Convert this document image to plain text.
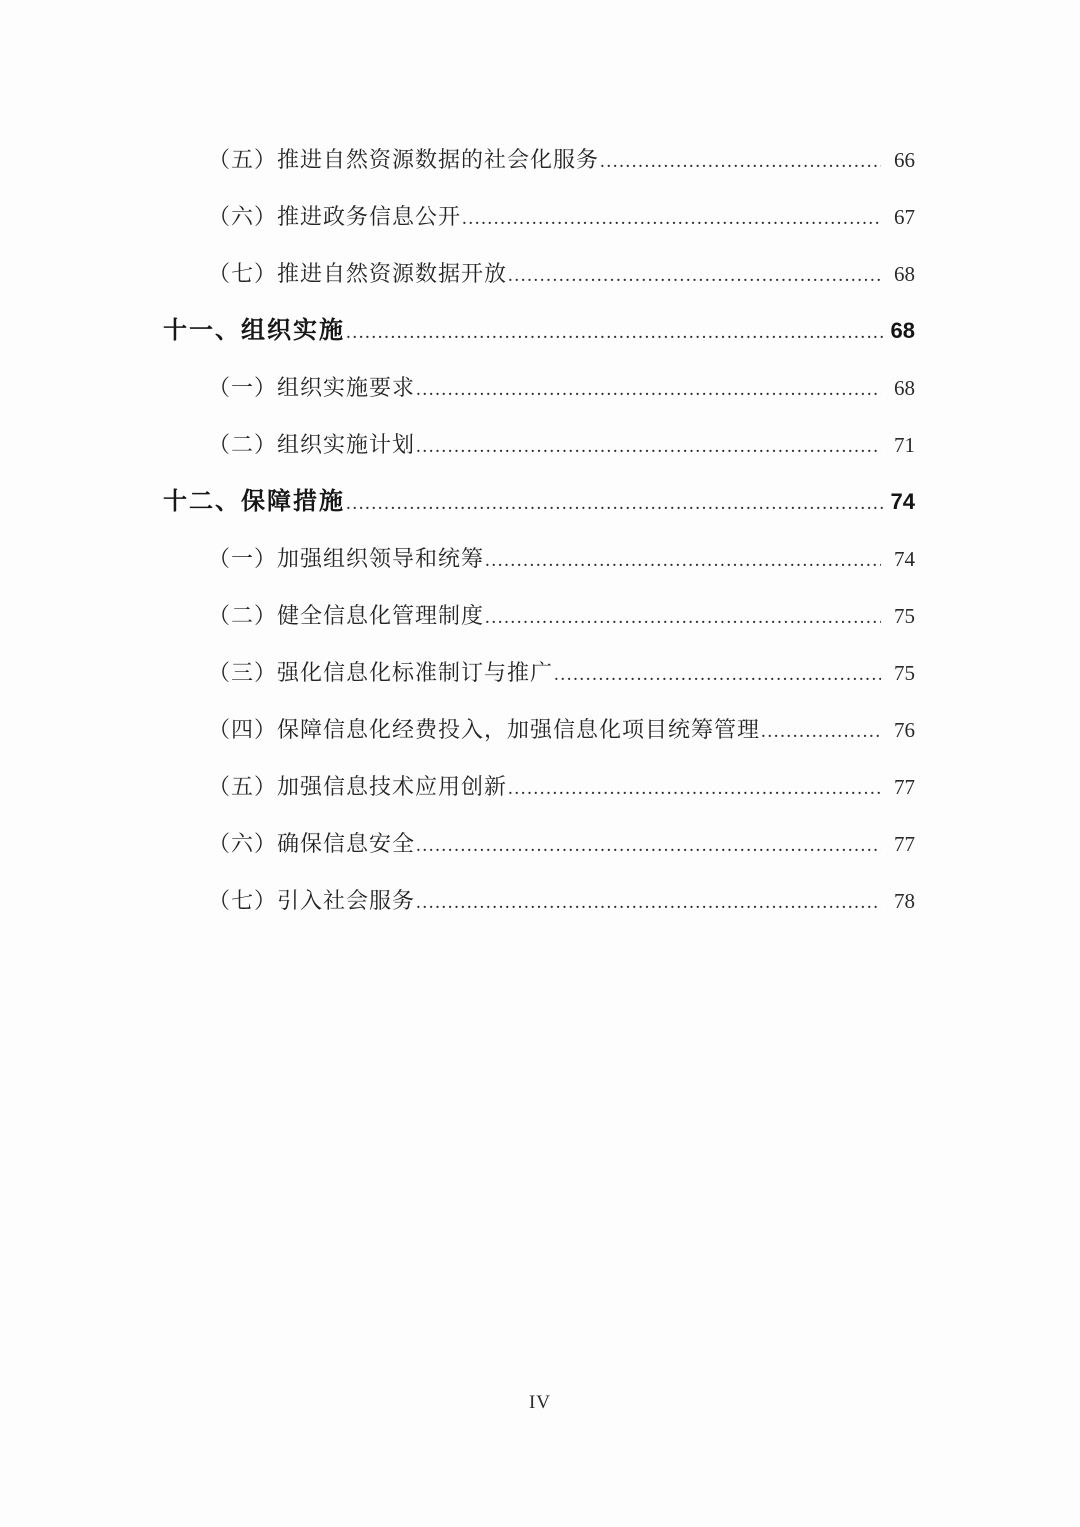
（五）推进自然资源数据的社会化服务 .....	66
（六）推进政务信息公开 .....	67
（七）推进自然资源数据开放 .....	68
十一、组织实施 .....	68
（一）组织实施要求 .....	68
（二）组织实施计划 .....	71
十二、保障措施 .....	74
（一）加强组织领导和统筹 .....	74
（二）健全信息化管理制度 .....	75
（三）强化信息化标准制订与推广 .....	75
（四）保障信息化经费投入，加强信息化项目统筹管理 .....	76
（五）加强信息技术应用创新 .....	77
（六）确保信息安全 .....	77
（七）引入社会服务 .....	78
IV
